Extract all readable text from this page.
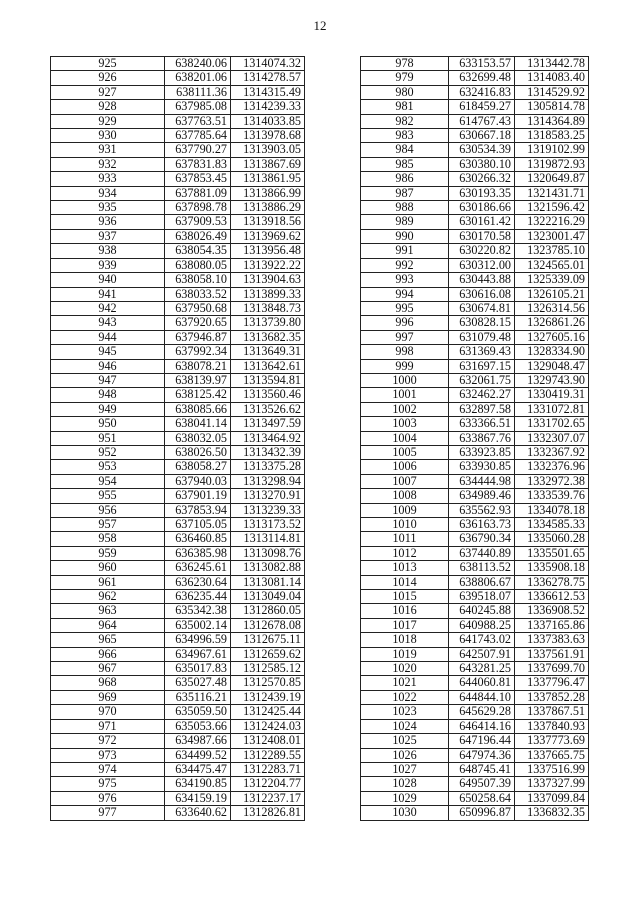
12
925	638240.06	1314074.32
926	638201.06	1314278.57
927	638111.36	1314315.49
928	637985.08	1314239.33
929	637763.51	1314033.85
930	637785.64	1313978.68
931	637790.27	1313903.05
932	637831.83	1313867.69
933	637853.45	1313861.95
934	637881.09	1313866.99
935	637898.78	1313886.29
936	637909.53	1313918.56
937	638026.49	1313969.62
938	638054.35	1313956.48
939	638080.05	1313922.22
940	638058.10	1313904.63
941	638033.52	1313899.33
942	637950.68	1313848.73
943	637920.65	1313739.80
944	637946.87	1313682.35
945	637992.34	1313649.31
946	638078.21	1313642.61
947	638139.97	1313594.81
948	638125.42	1313560.46
949	638085.66	1313526.62
950	638041.14	1313497.59
951	638032.05	1313464.92
952	638026.50	1313432.39
953	638058.27	1313375.28
954	637940.03	1313298.94
955	637901.19	1313270.91
956	637853.94	1313239.33
957	637105.05	1313173.52
958	636460.85	1313114.81
959	636385.98	1313098.76
960	636245.61	1313082.88
961	636230.64	1313081.14
962	636235.44	1313049.04
963	635342.38	1312860.05
964	635002.14	1312678.08
965	634996.59	1312675.11
966	634967.61	1312659.62
967	635017.83	1312585.12
968	635027.48	1312570.85
969	635116.21	1312439.19
970	635059.50	1312425.44
971	635053.66	1312424.03
972	634987.66	1312408.01
973	634499.52	1312289.55
974	634475.47	1312283.71
975	634190.85	1312204.77
976	634159.19	1312237.17
977	633640.62	1312826.81
978	633153.57	1313442.78
979	632699.48	1314083.40
980	632416.83	1314529.92
981	618459.27	1305814.78
982	614767.43	1314364.89
983	630667.18	1318583.25
984	630534.39	1319102.99
985	630380.10	1319872.93
986	630266.32	1320649.87
987	630193.35	1321431.71
988	630186.66	1321596.42
989	630161.42	1322216.29
990	630170.58	1323001.47
991	630220.82	1323785.10
992	630312.00	1324565.01
993	630443.88	1325339.09
994	630616.08	1326105.21
995	630674.81	1326314.56
996	630828.15	1326861.26
997	631079.48	1327605.16
998	631369.43	1328334.90
999	631697.15	1329048.47
1000	632061.75	1329743.90
1001	632462.27	1330419.31
1002	632897.58	1331072.81
1003	633366.51	1331702.65
1004	633867.76	1332307.07
1005	633923.85	1332367.92
1006	633930.85	1332376.96
1007	634444.98	1332972.38
1008	634989.46	1333539.76
1009	635562.93	1334078.18
1010	636163.73	1334585.33
1011	636790.34	1335060.28
1012	637440.89	1335501.65
1013	638113.52	1335908.18
1014	638806.67	1336278.75
1015	639518.07	1336612.53
1016	640245.88	1336908.52
1017	640988.25	1337165.86
1018	641743.02	1337383.63
1019	642507.91	1337561.91
1020	643281.25	1337699.70
1021	644060.81	1337796.47
1022	644844.10	1337852.28
1023	645629.28	1337867.51
1024	646414.16	1337840.93
1025	647196.44	1337773.69
1026	647974.36	1337665.75
1027	648745.41	1337516.99
1028	649507.39	1337327.99
1029	650258.64	1337099.84
1030	650996.87	1336832.35
